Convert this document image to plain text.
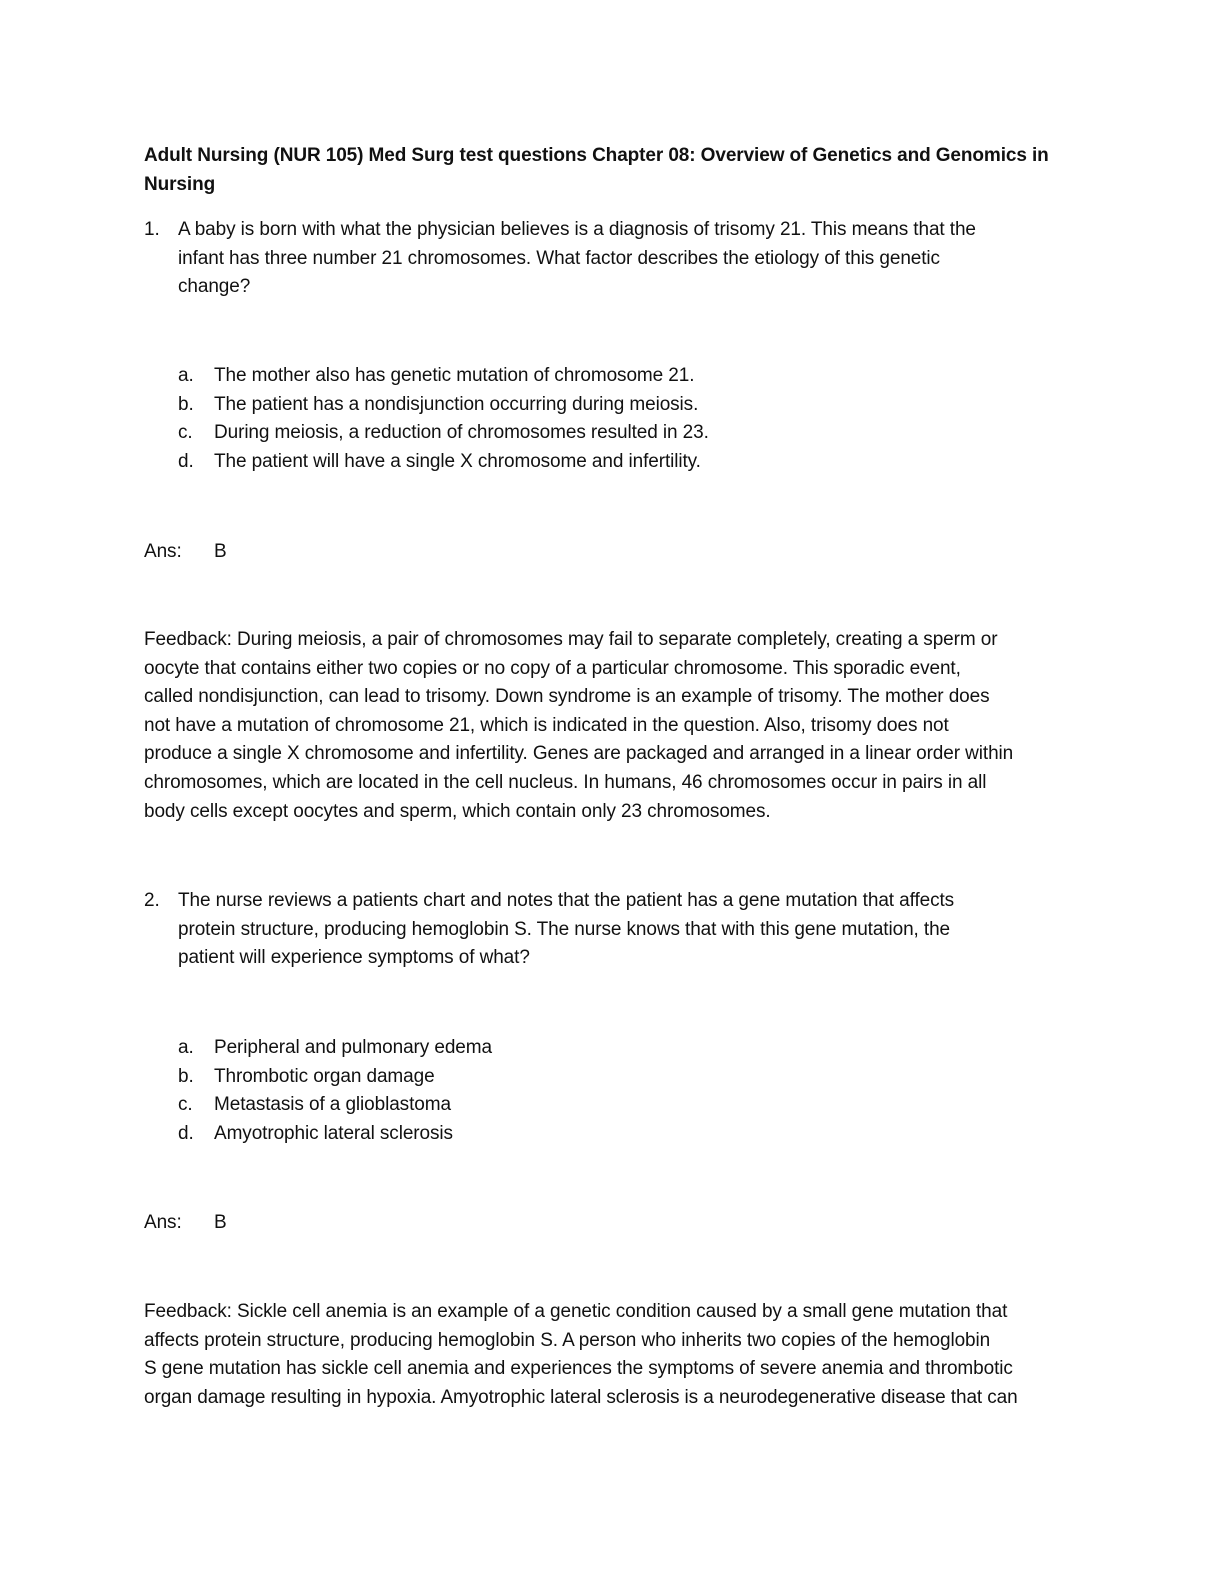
Adult Nursing (NUR 105) Med Surg test questions Chapter 08: Overview of Genetics and Genomics in
Nursing
1. A baby is born with what the physician believes is a diagnosis of trisomy 21. This means that the
infant has three number 21 chromosomes. What factor describes the etiology of this genetic
change?
a. The mother also has genetic mutation of chromosome 21.
b. The patient has a nondisjunction occurring during meiosis.
c. During meiosis, a reduction of chromosomes resulted in 23.
d. The patient will have a single X chromosome and infertility.
Ans: B

Feedback: During meiosis, a pair of chromosomes may fail to separate completely, creating a sperm or

oocyte that contains either two copies or no copy of a particular chromosome. This sporadic event,

called nondisjunction, can lead to trisomy. Down syndrome is an example of trisomy. The mother does

not have a mutation of chromosome 21, which is indicated in the question. Also, trisomy does not

produce a single X chromosome and infertility. Genes are packaged and arranged in a linear order within

chromosomes, which are located in the cell nucleus. In humans, 46 chromosomes occur in pairs in all

body cells except oocytes and sperm, which contain only 23 chromosomes.

2. The nurse reviews a patients chart and notes that the patient has a gene mutation that affects
protein structure, producing hemoglobin S. The nurse knows that with this gene mutation, the
patient will experience symptoms of what?
a. Peripheral and pulmonary edema
b. Thrombotic organ damage
c. Metastasis of a glioblastoma
d. Amyotrophic lateral sclerosis
Ans: B

Feedback: Sickle cell anemia is an example of a genetic condition caused by a small gene mutation that

affects protein structure, producing hemoglobin S. A person who inherits two copies of the hemoglobin

S gene mutation has sickle cell anemia and experiences the symptoms of severe anemia and thrombotic

organ damage resulting in hypoxia. Amyotrophic lateral sclerosis is a neurodegenerative disease that can
